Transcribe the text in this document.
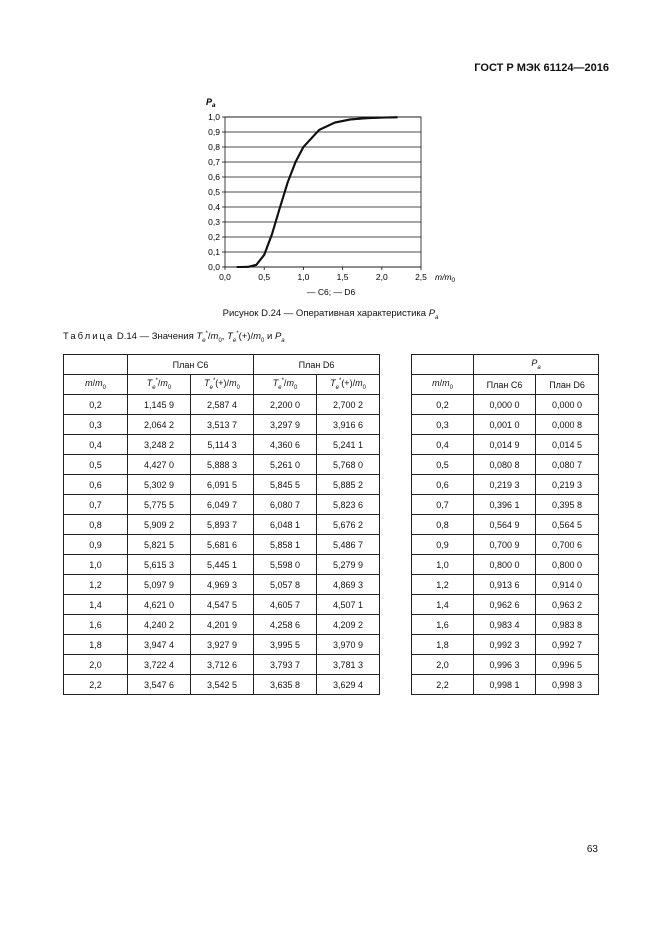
ГОСТ Р МЭК 61124—2016
0,0
0,1
0,2
0,3
0,4
0,5
0,6
0,7
0,8
0,9
1,0
0,0	0,5	1,0	1,5	2,0	2,5
$P_a$
$m/m_0$
— C6; — D6
Рисунок D.24 — Оперативная характеристика $P_a$
Таблица D.14 — Значения $T_e^*/m_0$, $T_e^*(+)/m_0$ и $P_a$
	План С6		План D6				$P_a$
$m/m_0$	$T_e^*/m_0$	$T_e^*(+)/m_0$	$T_e^*/m_0$	$T_e^*(+)/m_0$		$m/m_0$	План С6	План D6
0,2	1,145 9	2,587 4	2,200 0	2,700 2		0,2	0,000 0	0,000 0
0,3	2,064 2	3,513 7	3,297 9	3,916 6		0,3	0,001 0	0,000 8
0,4	3,248 2	5,114 3	4,360 6	5,241 1		0,4	0,014 9	0,014 5
0,5	4,427 0	5,888 3	5,261 0	5,768 0		0,5	0,080 8	0,080 7
0,6	5,302 9	6,091 5	5,845 5	5,885 2		0,6	0,219 3	0,219 3
0,7	5,775 5	6,049 7	6,080 7	5,823 6		0,7	0,396 1	0,395 8
0,8	5,909 2	5,893 7	6,048 1	5,676 2		0,8	0,564 9	0,564 5
0,9	5,821 5	5,681 6	5,858 1	5,486 7		0,9	0,700 9	0,700 6
1,0	5,615 3	5,445 1	5,598 0	5,279 9		1,0	0,800 0	0,800 0
1,2	5,097 9	4,969 3	5,057 8	4,869 3		1,2	0,913 6	0,914 0
1,4	4,621 0	4,547 5	4,605 7	4,507 1		1,4	0,962 6	0,963 2
1,6	4,240 2	4,201 9	4,258 6	4,209 2		1,6	0,983 4	0,983 8
1,8	3,947 4	3,927 9	3,995 5	3,970 9		1,8	0,992 3	0,992 7
2,0	3,722 4	3,712 6	3,793 7	3,781 3		2,0	0,996 3	0,996 5
2,2	3,547 6	3,542 5	3,635 8	3,629 4		2,2	0,998 1	0,998 3
63
